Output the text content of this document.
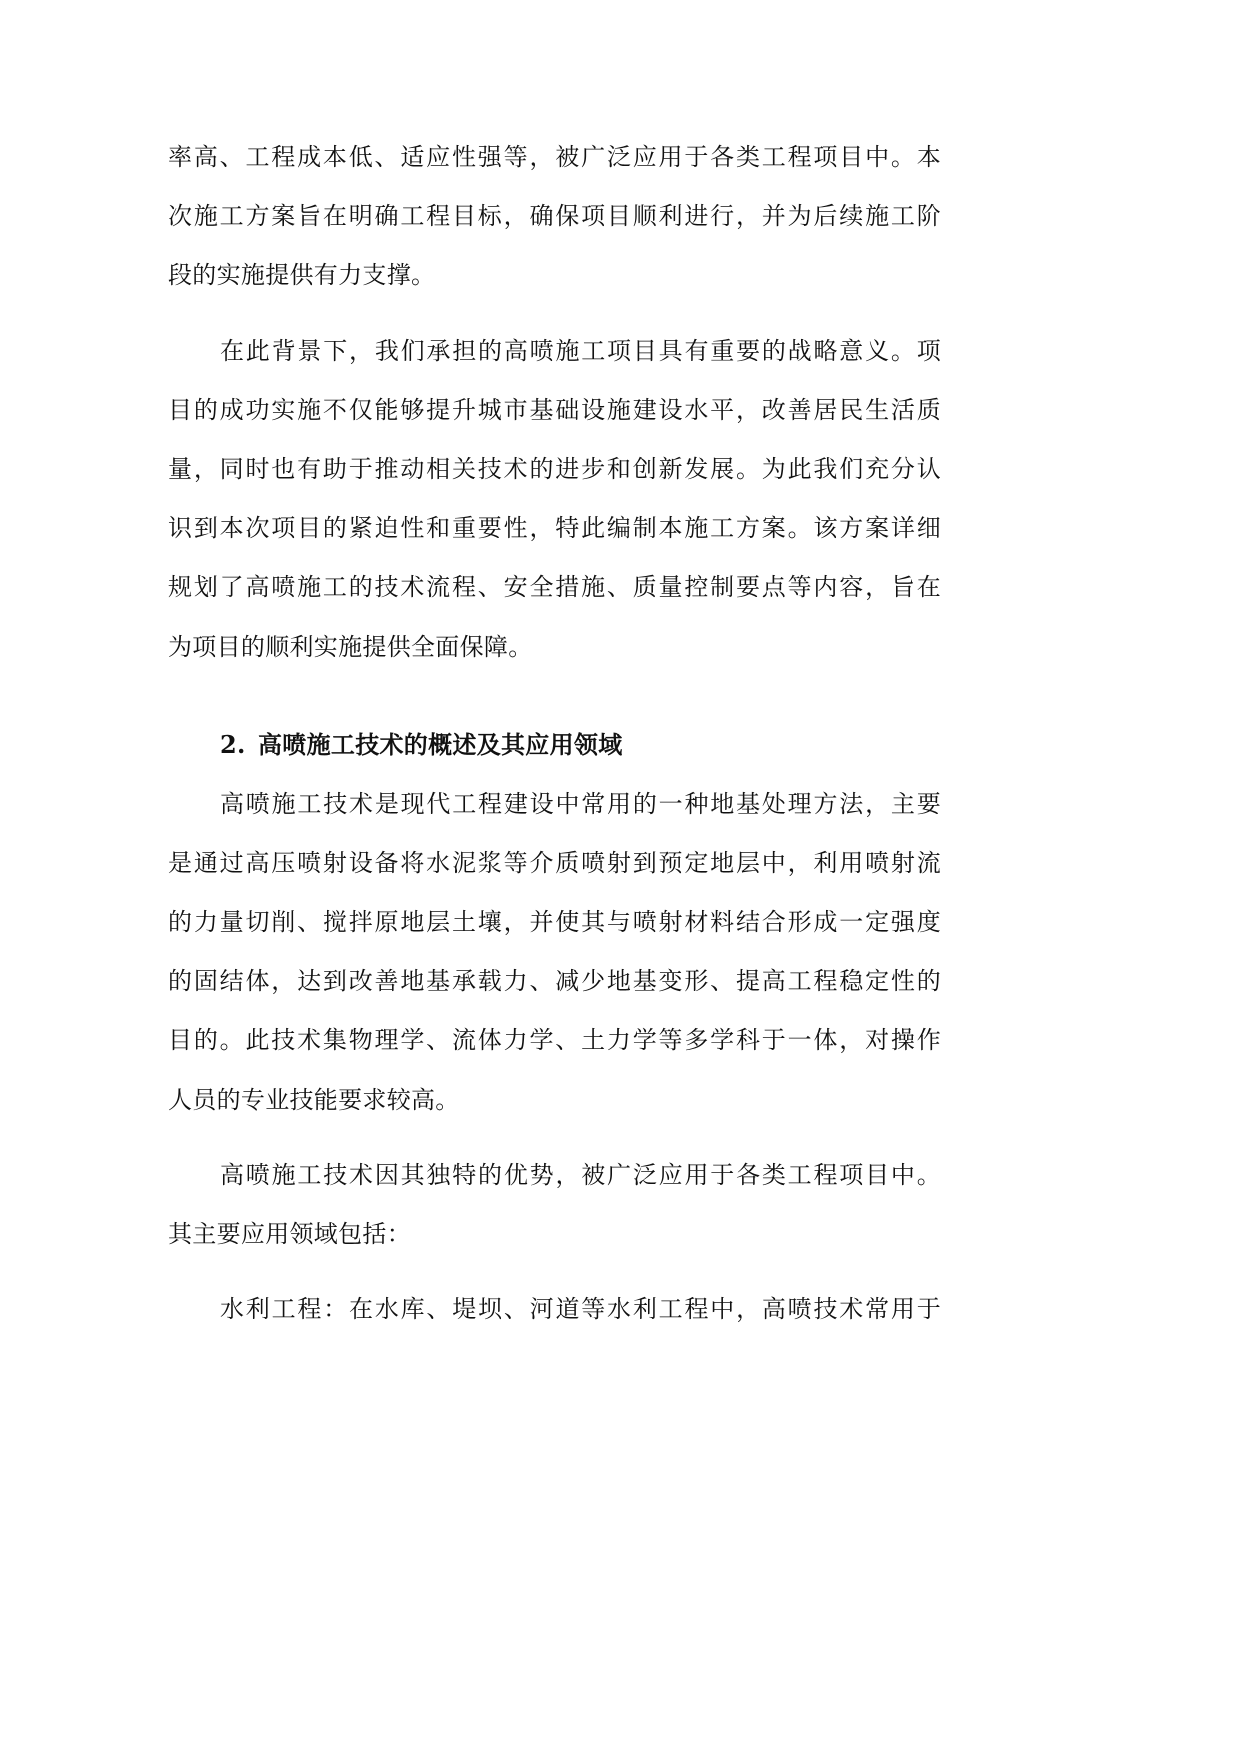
率高、工程成本低、适应性强等，被广泛应用于各类工程项目中。本
次施工方案旨在明确工程目标，确保项目顺利进行，并为后续施工阶
段的实施提供有力支撑。
在此背景下，我们承担的高喷施工项目具有重要的战略意义。项
目的成功实施不仅能够提升城市基础设施建设水平，改善居民生活质
量，同时也有助于推动相关技术的进步和创新发展。为此我们充分认
识到本次项目的紧迫性和重要性，特此编制本施工方案。该方案详细
规划了高喷施工的技术流程、安全措施、质量控制要点等内容，旨在
为项目的顺利实施提供全面保障。
2. 高喷施工技术的概述及其应用领域
高喷施工技术是现代工程建设中常用的一种地基处理方法，主要
是通过高压喷射设备将水泥浆等介质喷射到预定地层中，利用喷射流
的力量切削、搅拌原地层土壤，并使其与喷射材料结合形成一定强度
的固结体，达到改善地基承载力、减少地基变形、提高工程稳定性的
目的。此技术集物理学、流体力学、土力学等多学科于一体，对操作
人员的专业技能要求较高。
高喷施工技术因其独特的优势，被广泛应用于各类工程项目中。
其主要应用领域包括：
水利工程：在水库、堤坝、河道等水利工程中，高喷技术常用于
